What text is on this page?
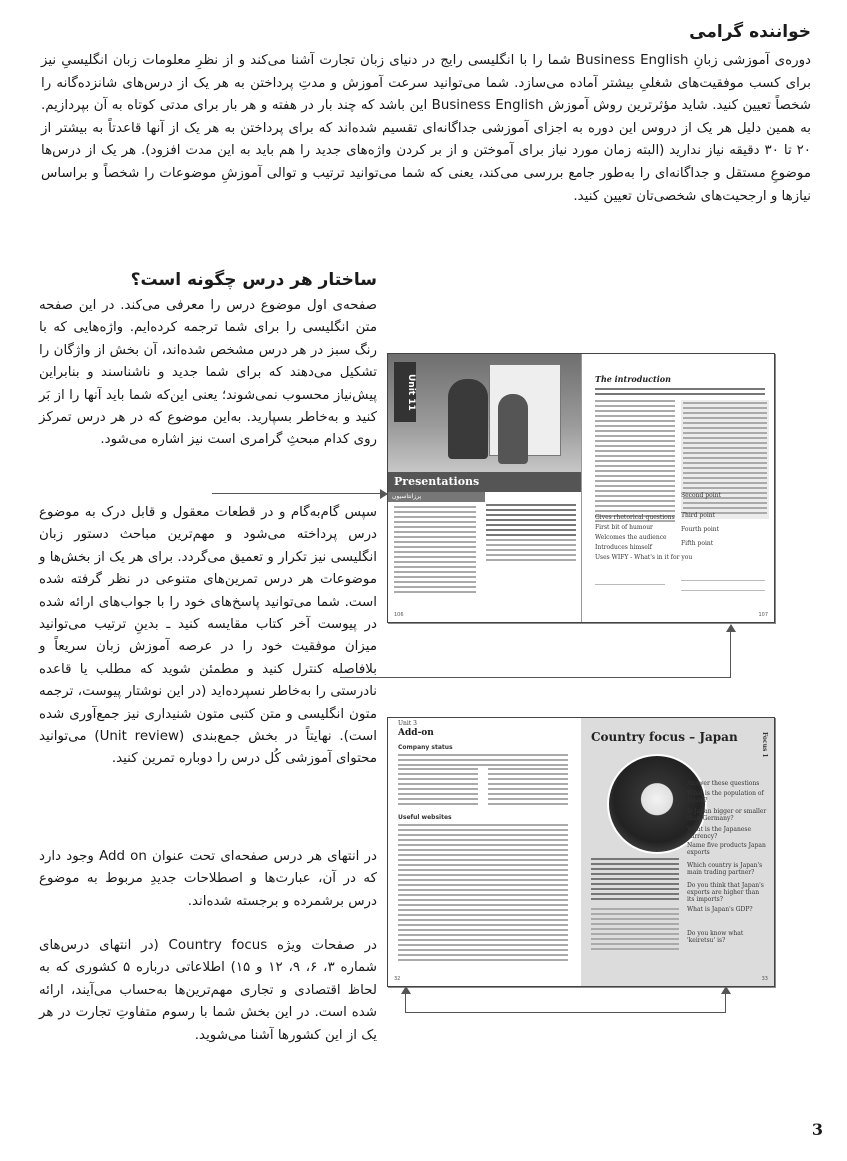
خواننده گرامی

دوره‌ی آموزشی زبانِ Business English شما را با انگلیسی رایج در دنیای زبان تجارت آشنا می‌کند و از نظرِ معلومات زبان انگلیسیِ نیز برای کسب موفقیت‌های شغلیِ بیشتر آماده می‌سازد. شما می‌توانید سرعت آموزش و مدتِ پرداختن به هر یک از درس‌های شانزده‌گانه را شخصاً تعیین کنید. شاید مؤثرترین روش آموزش Business English این باشد که چند بار در هفته و هر بار برای مدتی کوتاه به آن بپردازیم. به همین دلیل هر یک از دروس این دوره به اجزای آموزشی جداگانه‌ای تقسیم شده‌اند که برای پرداختن به هر یک از آنها قاعدتاً به بیشتر از ۲۰ تا ۳۰ دقیقه نیاز ندارید (البته زمان مورد نیاز برای آموختن و از بر کردن واژه‌های جدید را هم باید به این مدت افزود). هر یک از درس‌ها موضوعِ مستقل و جداگانه‌ای را به‌طور جامع بررسی می‌کند، یعنی که شما می‌توانید ترتیب و توالی آموزشِ موضوعات را شخصاً و براساس نیازها و ارجحیت‌های شخصی‌تان تعیین کنید.

ساختار هر درس چگونه است؟

صفحه‌ی اول موضوع درس را معرفی می‌کند. در این صفحه متن انگلیسی را برای شما ترجمه کرده‌ایم. واژه‌هایی که با رنگ سبز در هر درس مشخص شده‌اند، آن بخش از واژگان را تشکیل می‌دهند که برای شما جدید و ناشناسند و بنابراین پیش‌نیاز محسوب نمی‌شوند؛ یعنی این‌که شما باید آنها را از بَر کنید و به‌خاطر بسپارید. به‌این موضوع که در هر درس تمرکز روی کدام مبحثِ گرامری است نیز اشاره می‌شود.

سپس گام‌به‌گام و در قطعات معقول و قابل درک به موضوع درس پرداخته می‌شود و مهم‌ترین مباحث دستور زبان انگلیسی نیز تکرار و تعمیق می‌گردد. برای هر یک از بخش‌ها و موضوعات هر درس تمرین‌های متنوعی در نظر گرفته شده است. شما می‌توانید پاسخ‌های خود را با جواب‌های ارائه شده در پیوست آخر کتاب مقایسه کنید ـ بدینِ ترتیب می‌توانید میزان موفقیت خود را در عرصه آموزش زبان سریعاً و بلافاصله کنترل کنید و مطمئن شوید که مطلب یا قاعده نادرستی را به‌خاطر نسپرده‌اید (در این نوشتار پیوست، ترجمه متون انگلیسی و متن کتبی متون شنیداری نیز جمع‌آوری شده است). نهایتاً در بخش جمع‌بندی (Unit review) می‌توانید محتوای آموزشی کُل درس را دوباره تمرین کنید.

در انتهای هر درس صفحه‌ای تحت عنوان Add on وجود دارد که در آن، عبارت‌ها و اصطلاحات جدیدِ مربوط به موضوع درس برشمرده و برجسته شده‌اند.

در صفحات ویژه Country focus (در انتهای درس‌های شماره ۳، ۶، ۹، ۱۲ و ۱۵) اطلاعاتی درباره ۵ کشوری که به لحاظ اقتصادی و تجاری مهم‌ترین‌ها به‌حساب می‌آیند، ارائه شده است. در این بخش شما با رسوم متفاوتِ تجارت در هر یک از این کشورها آشنا می‌شوید.

Unit 11
Presentations
پرزانتاسیون
106
The introduction
Gives rhetorical questions
First bit of humour
Welcomes the audience
Introduces himself
Uses WIFY - What's in it for you
Second point
Third point
Fourth point
Fifth point
107
Unit 3
Add-on
Company status
Useful websites
32
Country focus – Japan	Focus 1
Answer these questions
What is the population of Japan?
Is Japan bigger or smaller than Germany?
What is the Japanese currency?
Name five products Japan exports
Which country is Japan's main trading partner?
Do you think that Japan's exports are higher than its imports?
What is Japan's GDP?
Do you know what 'keiretsu' is?
33

3
